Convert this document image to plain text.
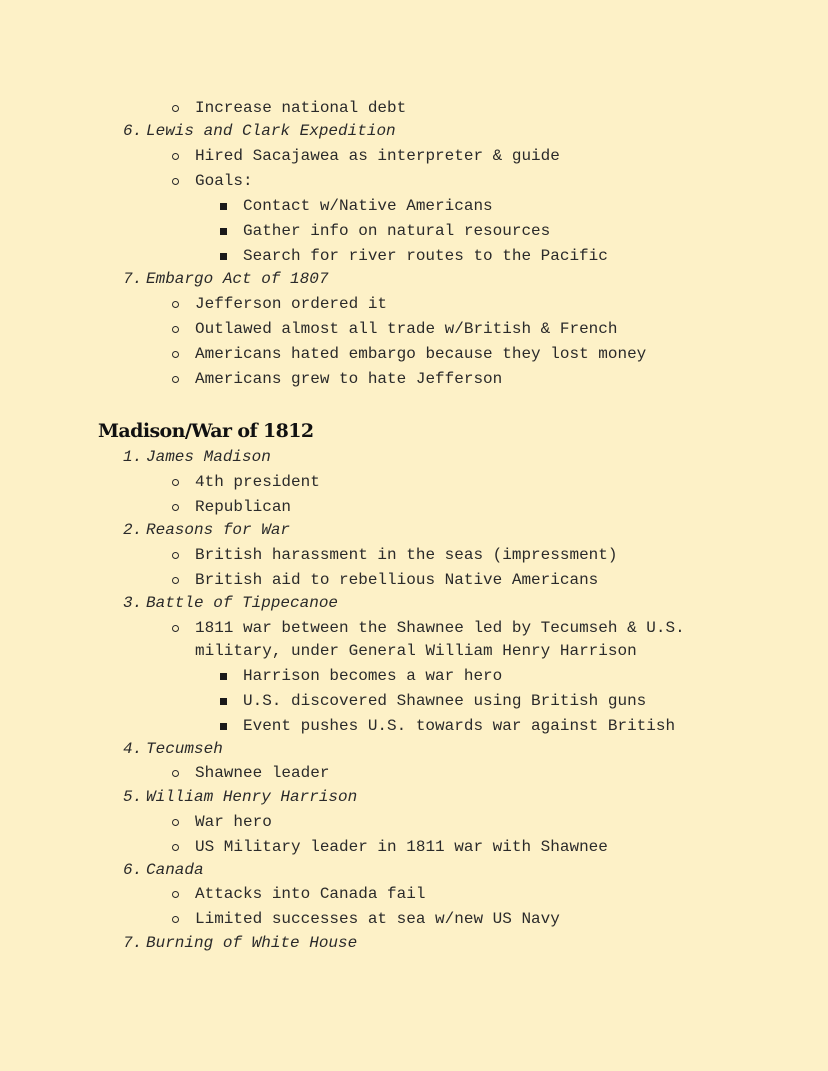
Increase national debt
6. Lewis and Clark Expedition
Hired Sacajawea as interpreter & guide
Goals:
Contact w/Native Americans
Gather info on natural resources
Search for river routes to the Pacific
7. Embargo Act of 1807
Jefferson ordered it
Outlawed almost all trade w/British & French
Americans hated embargo because they lost money
Americans grew to hate Jefferson
Madison/War of 1812
1. James Madison
4th president
Republican
2. Reasons for War
British harassment in the seas (impressment)
British aid to rebellious Native Americans
3. Battle of Tippecanoe
1811 war between the Shawnee led by Tecumseh & U.S.
military, under General William Henry Harrison
Harrison becomes a war hero
U.S. discovered Shawnee using British guns
Event pushes U.S. towards war against British
4. Tecumseh
Shawnee leader
5. William Henry Harrison
War hero
US Military leader in 1811 war with Shawnee
6. Canada
Attacks into Canada fail
Limited successes at sea w/new US Navy
7. Burning of White House
